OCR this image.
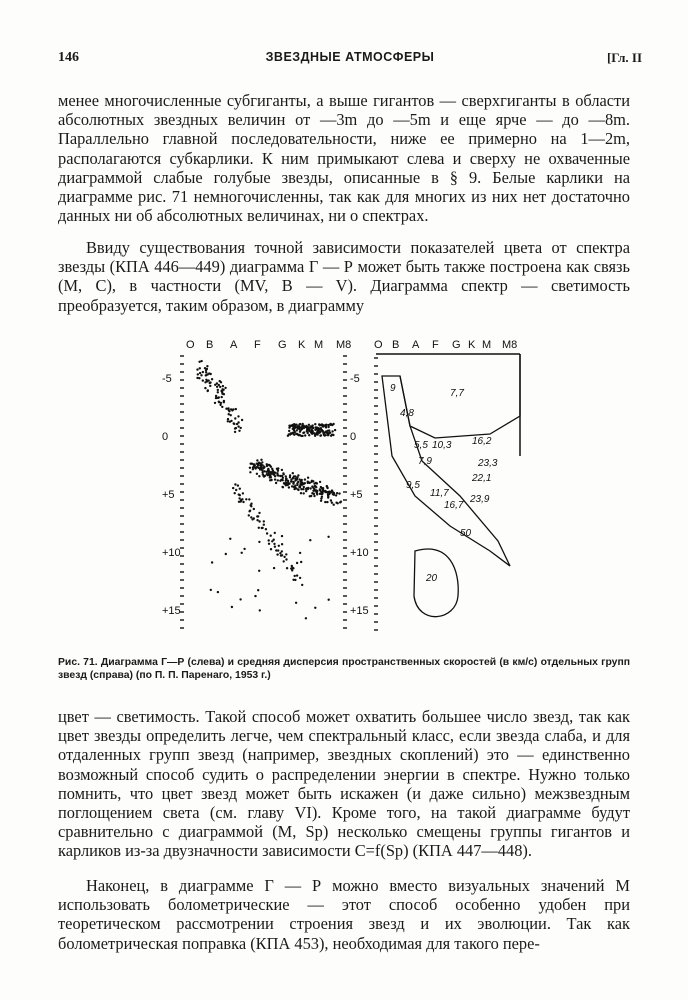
146	ЗВЕЗДНЫЕ АТМОСФЕРЫ	[Гл. II

менее многочисленные субгиганты, а выше гигантов — сверхгиганты в области абсолютных звездных величин от —3m до —5m и еще ярче — до —8m. Параллельно главной последовательности, ниже ее примерно на 1—2m, располагаются субкарлики. К ним примыкают слева и сверху не охваченные диаграммой слабые голубые звезды, описанные в § 9. Белые карлики на диаграмме рис. 71 немногочисленны, так как для многих из них нет достаточно данных ни об абсолютных величинах, ни о спектрах.

Ввиду существования точной зависимости показателей цвета от спектра звезды (КПА 446—449) диаграмма Г — Р может быть также построена как связь (M, C), в частности (MV, B — V). Диаграмма спектр — светимость преобразуется, таким образом, в диаграмму

O B A F G K M M8
-5
0
+5
+10
+15
O B A F G K M M8
-5
0
+5
+10
+15
9	7,7
4,8
5,5 10,3 16,2
7,9	23,3
22,1
9,5
11,7
23,9
16,7
50
20
Рис. 71. Диаграмма Г—Р (слева) и средняя дисперсия пространственных скоростей (в км/с) отдельных групп звезд (справа) (по П. П. Паренаго, 1953 г.)

цвет — светимость. Такой способ может охватить большее число звезд, так как цвет звезды определить легче, чем спектральный класс, если звезда слаба, и для отдаленных групп звезд (например, звездных скоплений) это — единственно возможный способ судить о распределении энергии в спектре. Нужно только помнить, что цвет звезд может быть искажен (и даже сильно) межзвездным поглощением света (см. главу VI). Кроме того, на такой диаграмме будут сравнительно с диаграммой (M, Sp) несколько смещены группы гигантов и карликов из-за двузначности зависимости C=f(Sp) (КПА 447—448).

Наконец, в диаграмме Г — Р можно вместо визуальных значений M использовать болометрические — этот способ особенно удобен при теоретическом рассмотрении строения звезд и их эволюции. Так как болометрическая поправка (КПА 453), необходимая для такого пере-
